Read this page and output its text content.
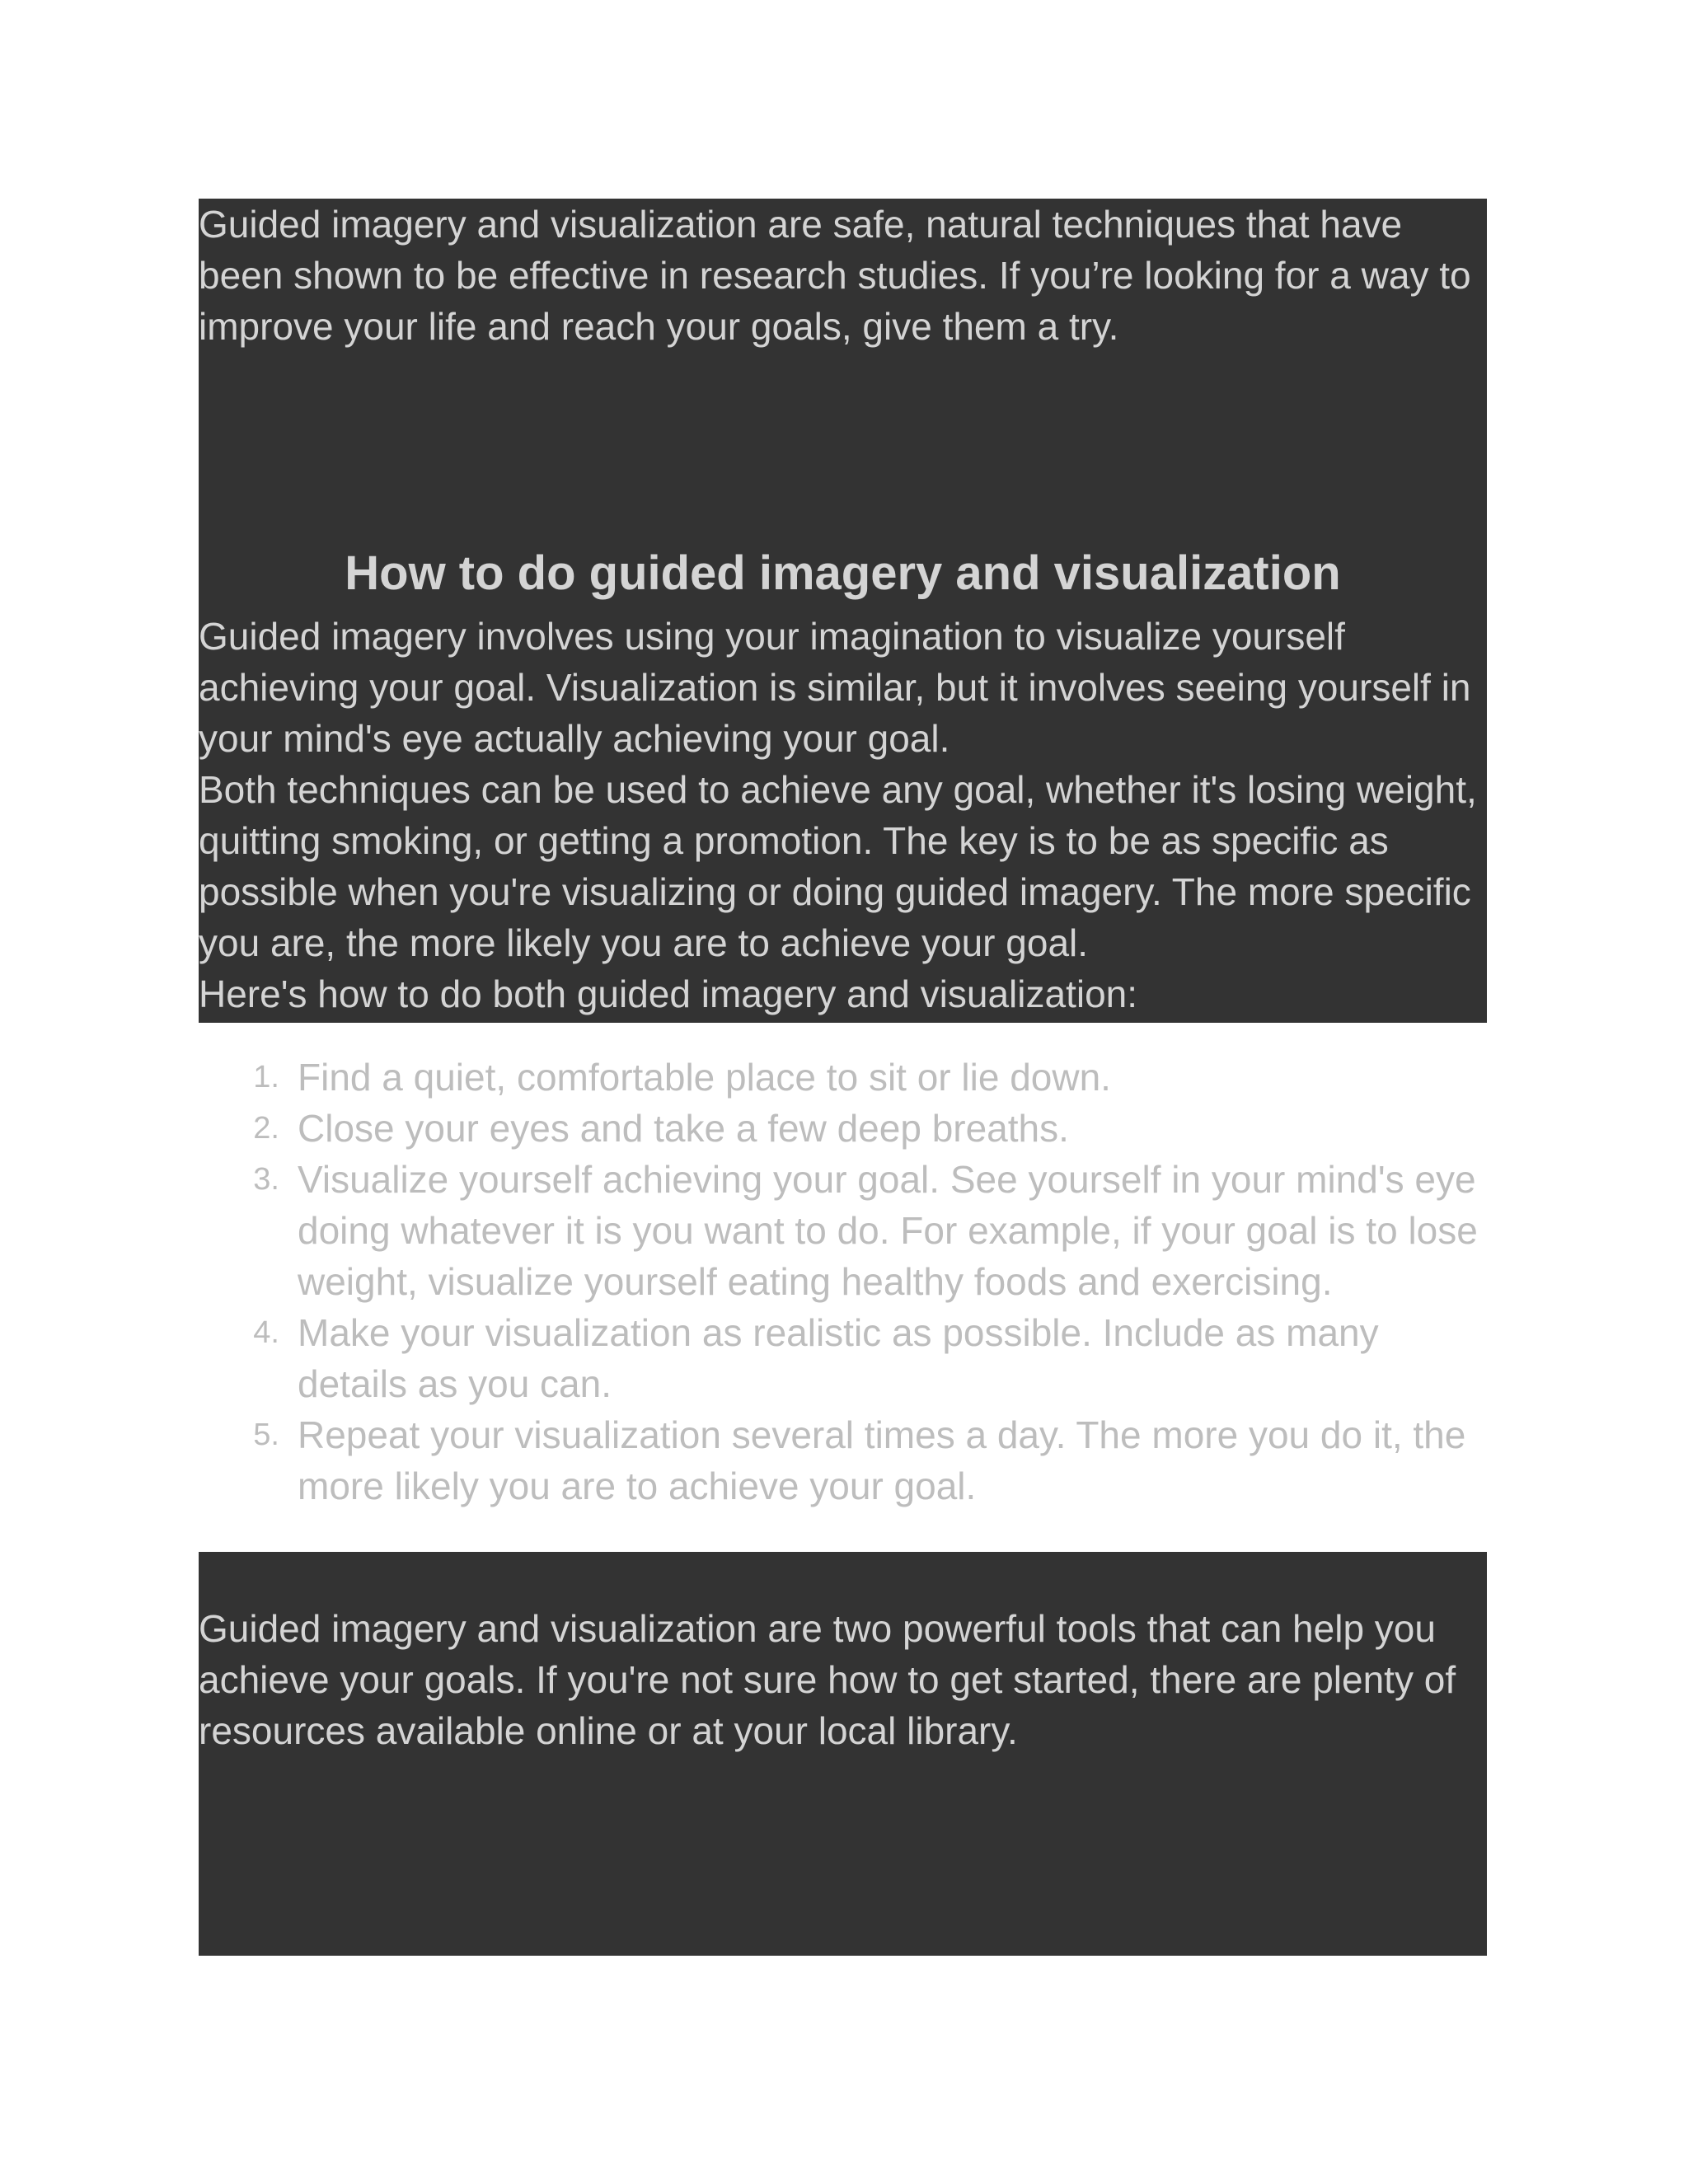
Guided imagery and visualization are safe, natural techniques that have been shown to be effective in research studies. If you’re looking for a way to improve your life and reach your goals, give them a try.

How to do guided imagery and visualization

Guided imagery involves using your imagination to visualize yourself achieving your goal. Visualization is similar, but it involves seeing yourself in your mind's eye actually achieving your goal.

Both techniques can be used to achieve any goal, whether it's losing weight, quitting smoking, or getting a promotion. The key is to be as specific as possible when you're visualizing or doing guided imagery. The more specific you are, the more likely you are to achieve your goal.

Here's how to do both guided imagery and visualization:

1. Find a quiet, comfortable place to sit or lie down.
2. Close your eyes and take a few deep breaths.
3. Visualize yourself achieving your goal. See yourself in your mind's eye doing whatever it is you want to do. For example, if your goal is to lose weight, visualize yourself eating healthy foods and exercising.
4. Make your visualization as realistic as possible. Include as many details as you can.
5. Repeat your visualization several times a day. The more you do it, the more likely you are to achieve your goal.

Guided imagery and visualization are two powerful tools that can help you achieve your goals. If you're not sure how to get started, there are plenty of resources available online or at your local library.
